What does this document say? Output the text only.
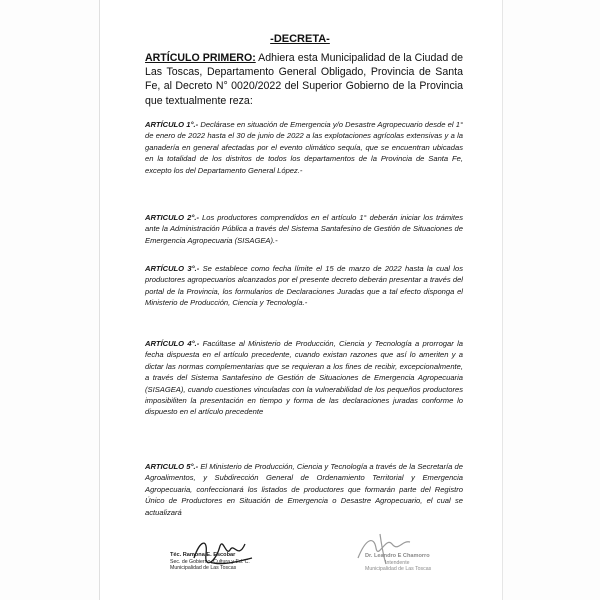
-DECRETA-

ARTÍCULO PRIMERO: Adhiera esta Municipalidad de la Ciudad de Las Toscas, Departamento General Obligado, Provincia de Santa Fe, al Decreto N° 0020/2022 del Superior Gobierno de la Provincia que textualmente reza:

ARTÍCULO 1°.- Declárase en situación de Emergencia y/o Desastre Agropecuario desde el 1° de enero de 2022 hasta el 30 de junio de 2022 a las explotaciones agrícolas extensivas y a la ganadería en general afectadas por el evento climático sequía, que se encuentran ubicadas en la totalidad de los distritos de todos los departamentos de la Provincia de Santa Fe, excepto los del Departamento General López.-

ARTICULO 2°.- Los productores comprendidos en el artículo 1° deberán iniciar los trámites ante la Administración Pública a través del Sistema Santafesino de Gestión de Situaciones de Emergencia Agropecuaria (SISAGEA).-

ARTÍCULO 3°.- Se establece como fecha límite el 15 de marzo de 2022 hasta la cual los productores agropecuarios alcanzados por el presente decreto deberán presentar a través del portal de la Provincia, los formularios de Declaraciones Juradas que a tal efecto disponga el Ministerio de Producción, Ciencia y Tecnología.-

ARTÍCULO 4°.- Facúltase al Ministerio de Producción, Ciencia y Tecnología a prorrogar la fecha dispuesta en el artículo precedente, cuando existan razones que así lo ameriten y a dictar las normas complementarias que se requieran a los fines de recibir, excepcionalmente, a través del Sistema Santafesino de Gestión de Situaciones de Emergencia Agropecuaria (SISAGEA), cuando cuestiones vinculadas con la vulnerabilidad de los pequeños productores imposibiliten la presentación en tiempo y forma de las declaraciones juradas conforme lo dispuesto en el artículo precedente

ARTICULO 5°.- El Ministerio de Producción, Ciencia y Tecnología a través de la Secretaría de Agroalimentos, y Subdirección General de Ordenamiento Territorial y Emergencia Agropecuaria, confeccionará los listados de productores que formarán parte del Registro Único de Productores en Situación de Emergencia o Desastre Agropecuario, el cual se actualizará

Téc. Ramona E. Escobar
Sec. de Gobierno, Cultura y Ed. C.
Municipalidad de Las Toscas
Dr. Leandro E Chamorro
Intendente
Municipalidad de Las Toscas
